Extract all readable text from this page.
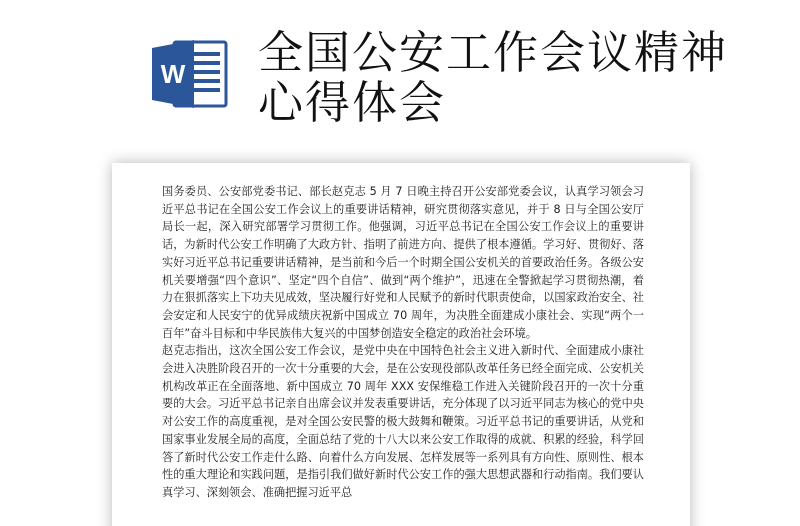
W 全国公安工作会议精神心得体会

国务委员、公安部党委书记、部长赵克志 5 月 7 日晚主持召开公安部党委会议，认真学习领会习近平总书记在全国公安工作会议上的重要讲话精神，研究贯彻落实意见，并于 8 日与全国公安厅局长一起，深入研究部署学习贯彻工作。他强调，习近平总书记在全国公安工作会议上的重要讲话，为新时代公安工作明确了大政方针、指明了前进方向、提供了根本遵循。学习好、贯彻好、落实好习近平总书记重要讲话精神，是当前和今后一个时期全国公安机关的首要政治任务。各级公安机关要增强“四个意识”、坚定“四个自信”、做到“两个维护”，迅速在全警掀起学习贯彻热潮，着力在狠抓落实上下功夫见成效，坚决履行好党和人民赋予的新时代职责使命，以国家政治安全、社会安定和人民安宁的优异成绩庆祝新中国成立 70 周年，为决胜全面建成小康社会、实现“两个一百年”奋斗目标和中华民族伟大复兴的中国梦创造安全稳定的政治社会环境。

赵克志指出，这次全国公安工作会议，是党中央在中国特色社会主义进入新时代、全面建成小康社会进入决胜阶段召开的一次十分重要的大会，是在公安现役部队改革任务已经全面完成、公安机关机构改革正在全面落地、新中国成立 70 周年 XXX 安保维稳工作进入关键阶段召开的一次十分重要的大会。习近平总书记亲自出席会议并发表重要讲话，充分体现了以习近平同志为核心的党中央对公安工作的高度重视，是对全国公安民警的极大鼓舞和鞭策。习近平总书记的重要讲话，从党和国家事业发展全局的高度，全面总结了党的十八大以来公安工作取得的成就、积累的经验，科学回答了新时代公安工作走什么路、向着什么方向发展、怎样发展等一系列具有方向性、原则性、根本性的重大理论和实践问题，是指引我们做好新时代公安工作的强大思想武器和行动指南。我们要认真学习、深刻领会、准确把握习近平总
